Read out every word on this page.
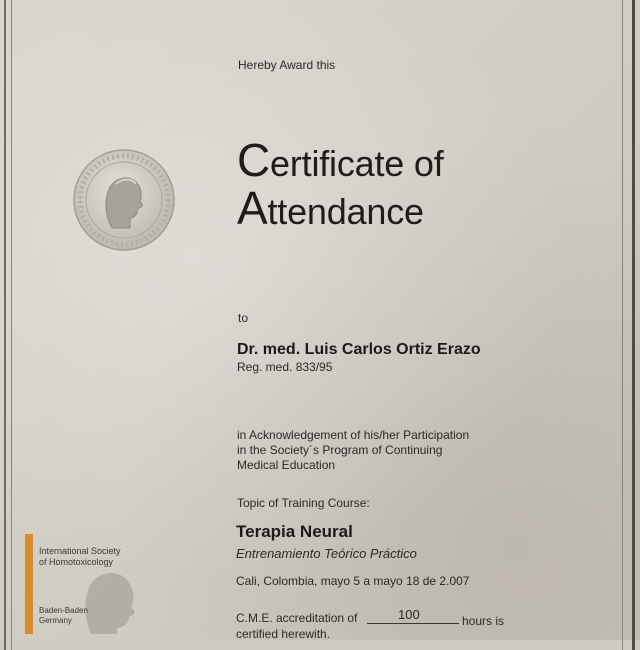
Hereby Award this
Certificate of
Attendance
to
Dr. med. Luis Carlos Ortiz Erazo
Reg. med. 833/95
in Acknowledgement of his/her Participation
in the Society´s Program of Continuing
Medical Education
Topic of Training Course:
Terapia Neural
Entrenamiento Teórico Práctico
Cali, Colombia, mayo 5 a mayo 18 de 2.007
C.M.E. accreditation of
certified herewith.
100	hours is
International Society
of Homotoxicology
Baden-Baden
Germany
